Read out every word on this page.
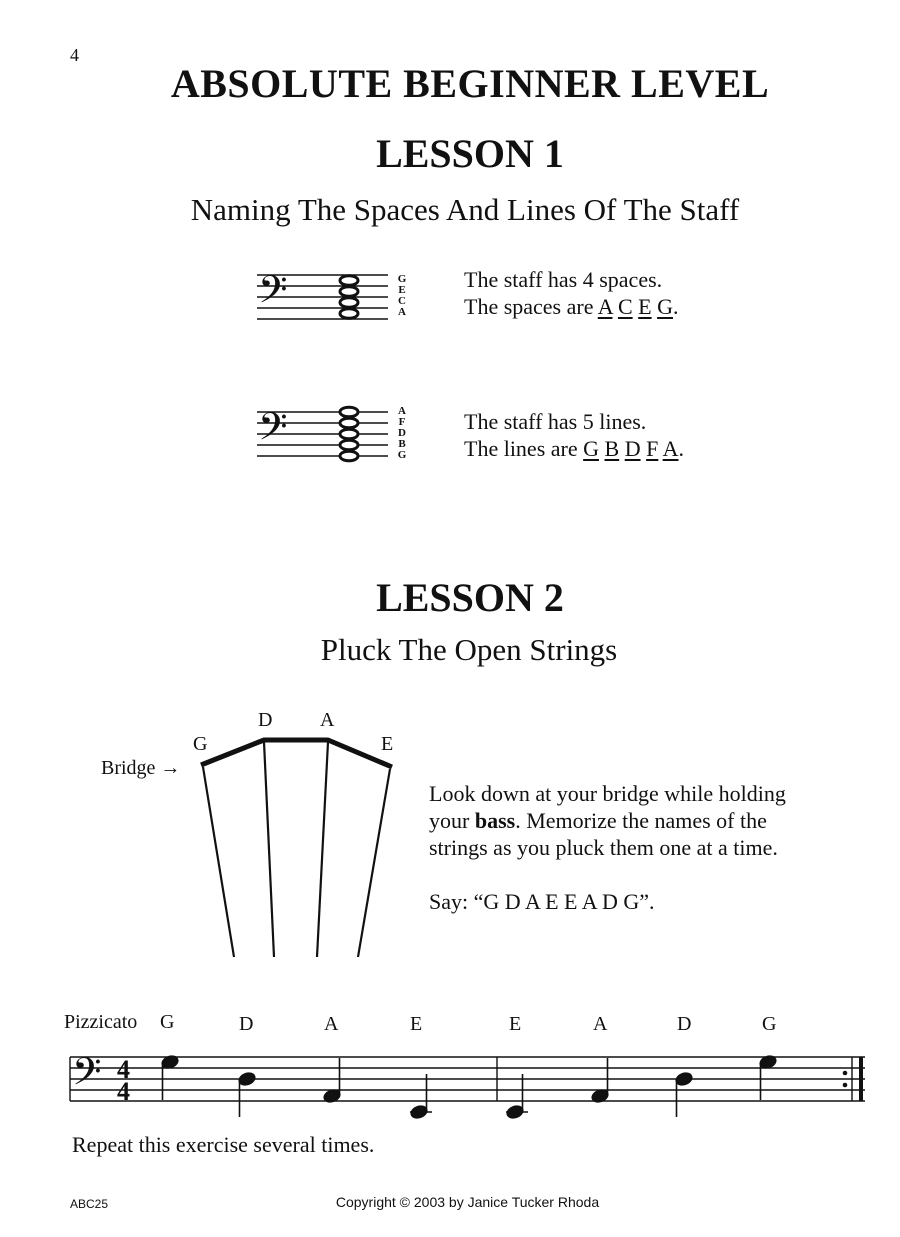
4
ABSOLUTE BEGINNER LEVEL
LESSON 1
Naming The Spaces And Lines Of The Staff
𝄢	G
E
C
A
The staff has 4 spaces.
The spaces are A C E G.
𝄢	A
F
D
B
G
The staff has 5 lines.
The lines are G B D F A.
LESSON 2
Pluck The Open Strings
Bridge →
G
D A
E
Look down at your bridge while holding
your bass. Memorize the names of the
strings as you pluck them one at a time.
Say: “G D A E E A D G”.
Pizzicato G	D	A	E	E	A	D	G
𝄢 4
4
Repeat this exercise several times.
ABC25	Copyright © 2003 by Janice Tucker Rhoda
